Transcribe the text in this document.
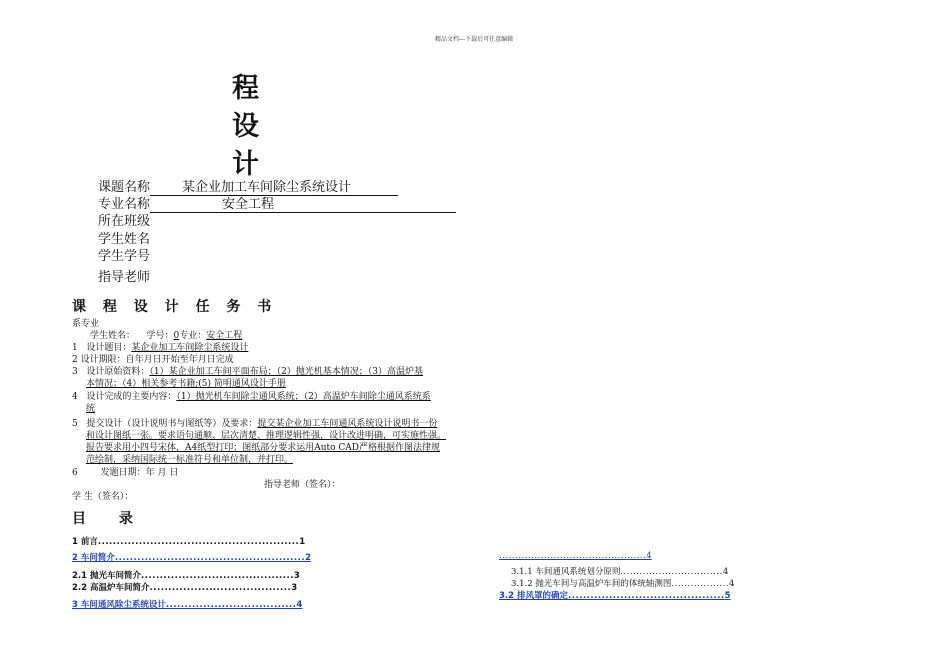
精品文档---下载后可任意编辑
程
设
计
课题名称 某企业加工车间除尘系统设计
专业名称	安全工程
所在班级
学生姓名
学生学号
指导老师
课 程 设 计 任 务 书
系专业
学生姓名： 学号：0专业：安全工程
1 设计题目：某企业加工车间除尘系统设计
2 设计期限：自年月日开始至年月日完成
3 设计原始资料：（1）某企业加工车间平面布局；（2）抛光机基本情况；（3）高温炉基
本情况；（4）相关参考书籍;(5) 简明通风设计手册
4 设计完成的主要内容：（1）抛光机车间除尘通风系统；（2）高温炉车间除尘通风系统系
统
5 提交设计（设计说明书与图纸等）及要求：提交某企业加工车间通风系统设计说明书一份
和设计图纸一张。要求语句通顺、层次清楚、推理逻辑性强，设计改进明确，可实施性强。
报告要求用小四号宋体，A4纸型打印；图纸部分要求运用Auto CAD严格根据作图法律规
范绘制，采纳国际统一标准符号和单位制，并打印。
6	发题日期：年 月 日
指导老师（签名）：
学 生（签名）：
目 录
1 前言......................................................1
2 车间简介...................................................2
2.1 抛光车间简介.........................................3
2.2 高温炉车间简介......................................3
3 车间通风除尘系统设计...................................4
..............................................4
3.1.1 车间通风系统划分原则................................4
3.1.2 抛光车间与高温炉车间的体统轴测图..................4
3.2 排风罩的确定..........................................5
